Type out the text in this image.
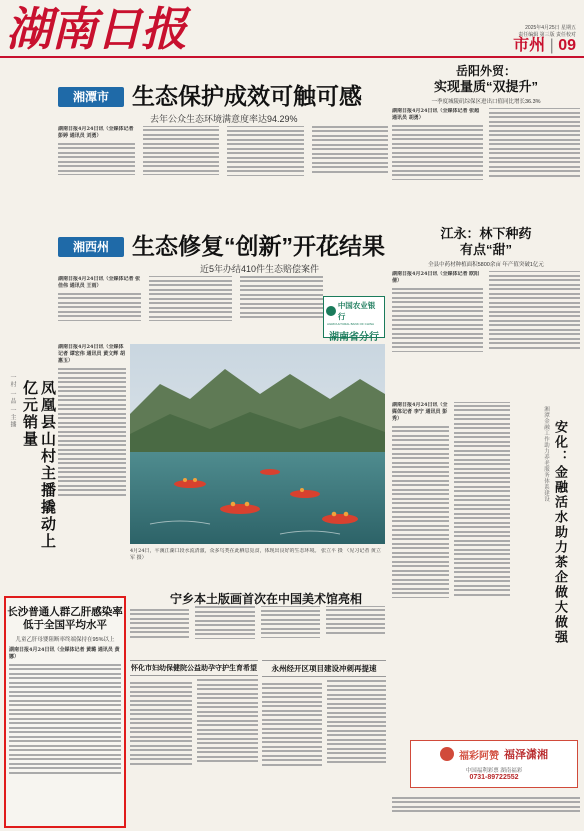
湖南日报	2025年4月25日 星期五
责任编辑 第三版 责任校对
市州 | 09
湘潭市	生态保护成效可触可感
去年公众生态环境满意度率达94.29%
湖南日报4月24日讯（全媒体记者 彭婷 通讯员 刘勇）
湘西州	生态修复“创新”开花结果
近5年办结410件生态赔偿案件
湖南日报4月24日讯（全媒体记者 张佳伟 通讯员 王雨）
中国农业银行
AGRICULTURAL BANK OF CHINA
湖南省分行
一村 一品 一主播	凤凰县山村主播撬动上亿元销量
湖南日报4月24日讯（全媒体记者 谭宏伟 通讯员 黄文辉 胡惠玉）
4月24日，平溪江湖口段水流清澈，众多鸟类在此栖息觅食，体现出良好的生态环境。 张立平 摄 （见习记者 黄立军 摄）
宁乡本土版画首次在中国美术馆亮相
长沙普通人群乙肝感染率
低于全国平均水平
儿童乙肝母婴阻断率终端保持在95%以上
湖南日报4月24日讯（全媒体记者 黄璐 通讯员 黄娜）
怀化市妇幼保健院公益助孕守护生育希望	永州经开区项目建设冲刺再提速
岳阳外贸：
实现量质“双提升”
一季度城陵矶综保区进出口值同比增长36.3%
湖南日报4月24日讯（全媒体记者 张超 通讯员 胡勇）
江永：林下种药
有点“甜”
全县中药材种植面积5800余亩 年产值突破1亿元
湖南日报4月24日讯（全媒体记者 欧阳倩）
湖南日报4月24日讯（全媒体记者 李宁 通讯员 彭秀）	湘潭金融工作助力养老服务体系建设 安化：金融活水助力茶企做大做强
福彩阿赞 福泽潇湘
中国福利彩票 湖南福彩
0731-89722552
